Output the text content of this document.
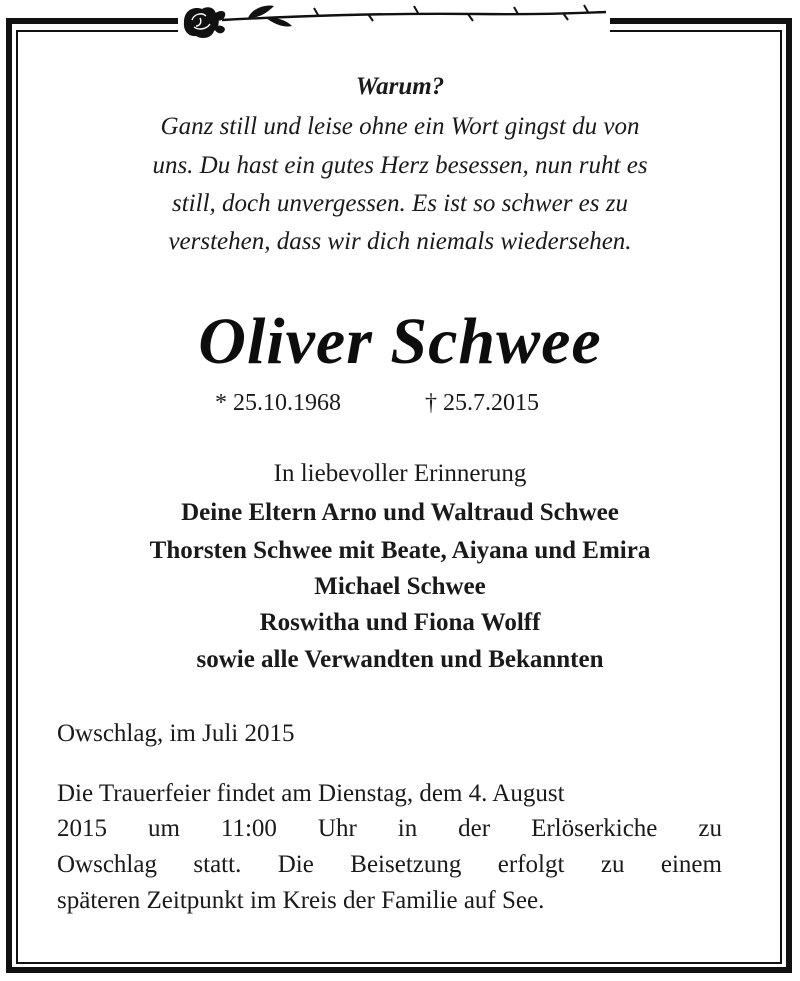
Warum?
Ganz still und leise ohne ein Wort gingst du von
uns. Du hast ein gutes Herz besessen, nun ruht es
still, doch unvergessen. Es ist so schwer es zu
verstehen, dass wir dich niemals wiedersehen.
Oliver Schwee
* 25.10.1968	† 25.7.2015
In liebevoller Erinnerung
Deine Eltern Arno und Waltraud Schwee
Thorsten Schwee mit Beate, Aiyana und Emira
Michael Schwee
Roswitha und Fiona Wolff
sowie alle Verwandten und Bekannten
Owschlag, im Juli 2015
Die Trauerfeier findet am Dienstag, dem 4. August
2015 um 11:00 Uhr in der Erlöserkiche zu
Owschlag statt. Die Beisetzung erfolgt zu einem
späteren Zeitpunkt im Kreis der Familie auf See.
